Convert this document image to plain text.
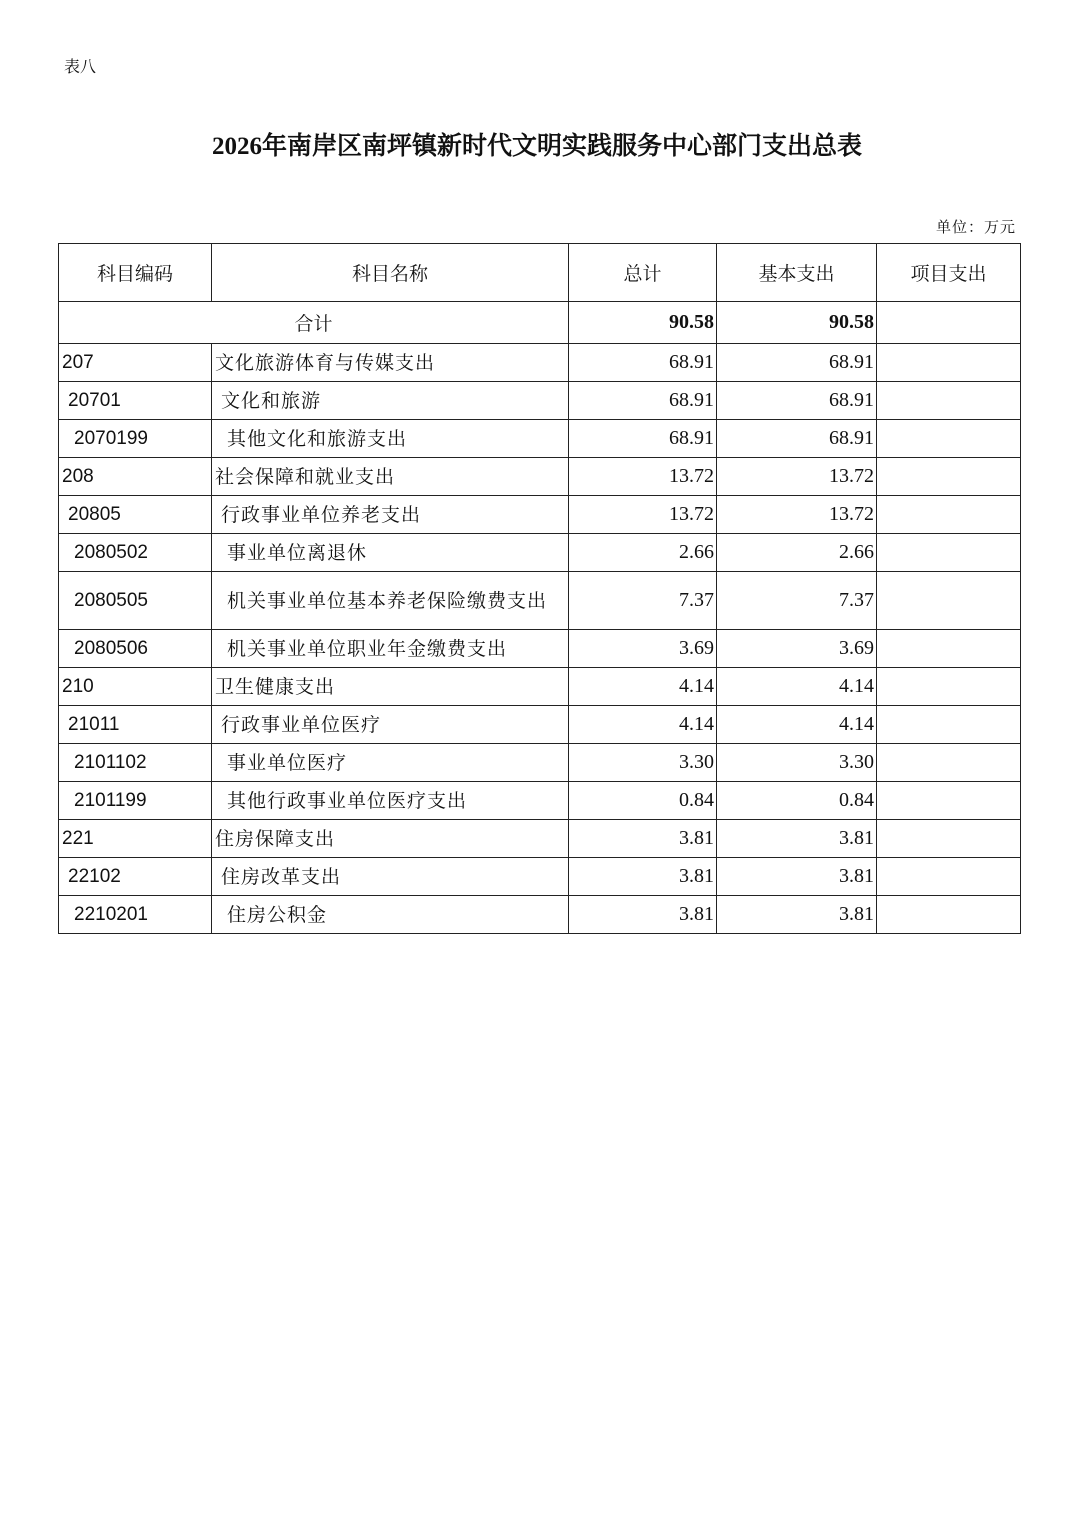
表八
2026年南岸区南坪镇新时代文明实践服务中心部门支出总表
单位：万元
科目编码	科目名称	总计	基本支出	项目支出
合计		90.58	90.58	
207	文化旅游体育与传媒支出	68.91	68.91	
20701	文化和旅游	68.91	68.91	
2070199	其他文化和旅游支出	68.91	68.91	
208	社会保障和就业支出	13.72	13.72	
20805	行政事业单位养老支出	13.72	13.72	
2080502	事业单位离退休	2.66	2.66	
2080505	机关事业单位基本养老保险缴费支出	7.37	7.37	
2080506	机关事业单位职业年金缴费支出	3.69	3.69	
210	卫生健康支出	4.14	4.14	
21011	行政事业单位医疗	4.14	4.14	
2101102	事业单位医疗	3.30	3.30	
2101199	其他行政事业单位医疗支出	0.84	0.84	
221	住房保障支出	3.81	3.81	
22102	住房改革支出	3.81	3.81	
2210201	住房公积金	3.81	3.81	
